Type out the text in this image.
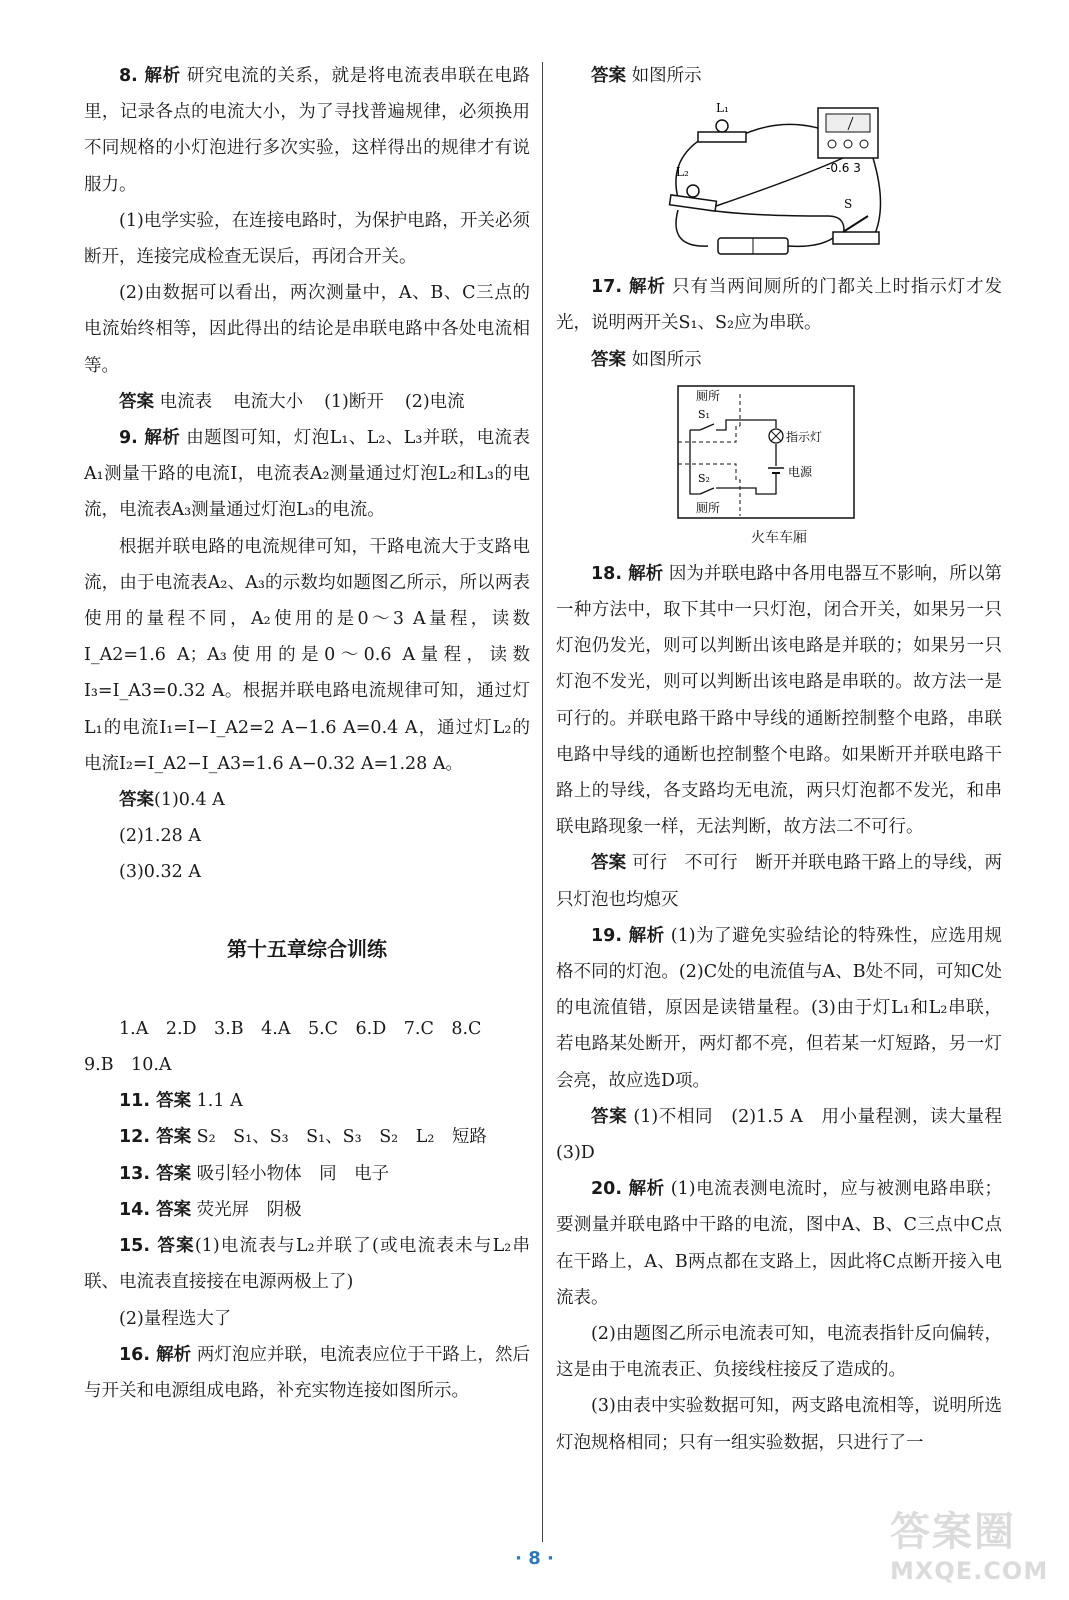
8. 解析 研究电流的关系，就是将电流表串联在电路里，记录各点的电流大小，为了寻找普遍规律，必须换用不同规格的小灯泡进行多次实验，这样得出的规律才有说服力。

(1)电学实验，在连接电路时，为保护电路，开关必须断开，连接完成检查无误后，再闭合开关。

(2)由数据可以看出，两次测量中，A、B、C三点的电流始终相等，因此得出的结论是串联电路中各处电流相等。

答案 电流表 电流大小 (1)断开 (2)电流

9. 解析 由题图可知，灯泡L₁、L₂、L₃并联，电流表A₁测量干路的电流I，电流表A₂测量通过灯泡L₂和L₃的电流，电流表A₃测量通过灯泡L₃的电流。

根据并联电路的电流规律可知，干路电流大于支路电流，由于电流表A₂、A₃的示数均如题图乙所示，所以两表使用的量程不同，A₂使用的是0～3 A量程，读数I_A2=1.6 A；A₃使用的是0～0.6 A量程，读数I₃=I_A3=0.32 A。根据并联电路电流规律可知，通过灯L₁的电流I₁=I−I_A2=2 A−1.6 A=0.4 A，通过灯L₂的电流I₂=I_A2−I_A3=1.6 A−0.32 A=1.28 A。

答案(1)0.4 A

(2)1.28 A

(3)0.32 A

第十五章综合训练

1.A　2.D　3.B　4.A　5.C　6.D　7.C　8.C

9.B　10.A

11. 答案 1.1 A

12. 答案 S₂　S₁、S₃　S₁、S₃　S₂　L₂　短路

13. 答案 吸引轻小物体　同　电子

14. 答案 荧光屏　阴极

15. 答案(1)电流表与L₂并联了(或电流表未与L₂串联、电流表直接接在电源两极上了)

(2)量程选大了

16. 解析 两灯泡应并联，电流表应位于干路上，然后与开关和电源组成电路，补充实物连接如图所示。

答案 如图所示

L₁
L₂	-0.6 3
S

17. 解析 只有当两间厕所的门都关上时指示灯才发光，说明两开关S₁、S₂应为串联。

答案 如图所示

厕所
S₁
S₂
厕所
指示灯
电源
火车车厢

18. 解析 因为并联电路中各用电器互不影响，所以第一种方法中，取下其中一只灯泡，闭合开关，如果另一只灯泡仍发光，则可以判断出该电路是并联的；如果另一只灯泡不发光，则可以判断出该电路是串联的。故方法一是可行的。并联电路干路中导线的通断控制整个电路，串联电路中导线的通断也控制整个电路。如果断开并联电路干路上的导线，各支路均无电流，两只灯泡都不发光，和串联电路现象一样，无法判断，故方法二不可行。

答案 可行　不可行　断开并联电路干路上的导线，两只灯泡也均熄灭

19. 解析 (1)为了避免实验结论的特殊性，应选用规格不同的灯泡。(2)C处的电流值与A、B处不同，可知C处的电流值错，原因是读错量程。(3)由于灯L₁和L₂串联，若电路某处断开，两灯都不亮，但若某一灯短路，另一灯会亮，故应选D项。

答案 (1)不相同　(2)1.5 A　用小量程测，读大量程　(3)D

20. 解析 (1)电流表测电流时，应与被测电路串联；要测量并联电路中干路的电流，图中A、B、C三点中C点在干路上，A、B两点都在支路上，因此将C点断开接入电流表。

(2)由题图乙所示电流表可知，电流表指针反向偏转，这是由于电流表正、负接线柱接反了造成的。

(3)由表中实验数据可知，两支路电流相等，说明所选灯泡规格相同；只有一组实验数据，只进行了一

· 8 ·
答案圈
MXQE.COM
